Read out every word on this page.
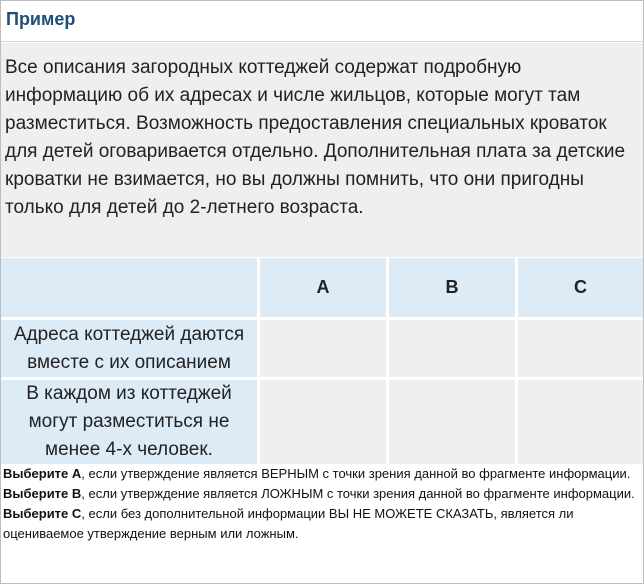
Пример

Все описания загородных коттеджей содержат подробную информацию об их адресах и числе жильцов, которые могут там разместиться. Возможность предоставления специальных кроваток для детей оговаривается отдельно. Дополнительная плата за детские кроватки не взимается, но вы должны помнить, что они пригодны только для детей до 2-летнего возраста.

A	B	C
Адреса коттеджей даются вместе с их описанием
В каждом из коттеджей могут разместиться не менее 4-х человек.
Выберите A, если утверждение является ВЕРНЫМ с точки зрения данной во фрагменте информации.
Выберите B, если утверждение является ЛОЖНЫМ с точки зрения данной во фрагменте информации.
Выберите C, если без дополнительной информации ВЫ НЕ МОЖЕТЕ СКАЗАТЬ, является ли оцениваемое утверждение верным или ложным.
